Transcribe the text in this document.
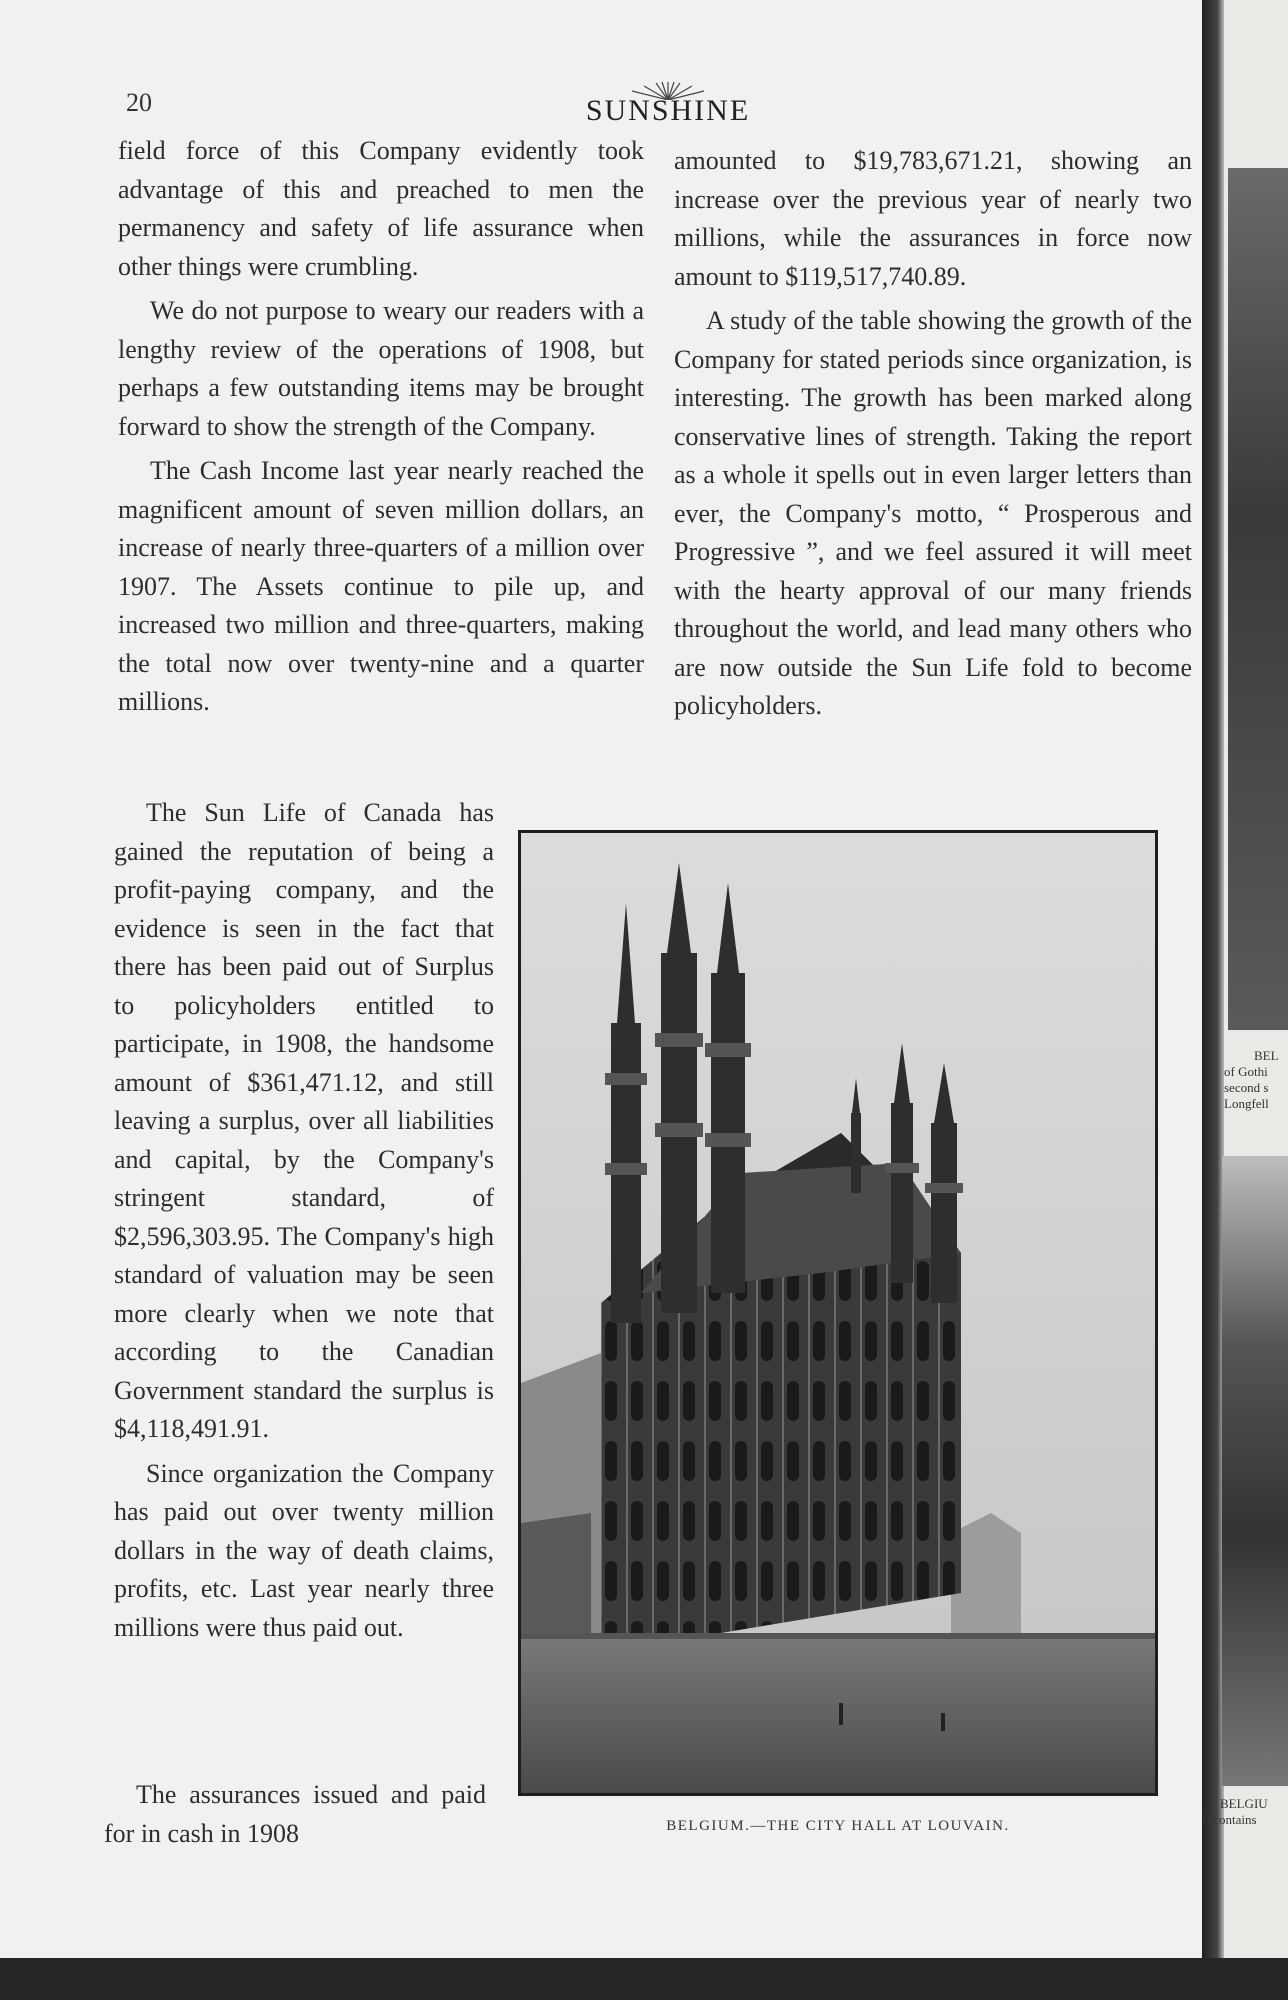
20	SUNSHINE

field force of this Company evidently took advantage of this and preached to men the permanency and safety of life assurance when other things were crumbling.

We do not purpose to weary our readers with a lengthy review of the operations of 1908, but perhaps a few outstanding items may be brought forward to show the strength of the Company.

The Cash Income last year nearly reached the magnificent amount of seven million dollars, an increase of nearly three-quarters of a million over 1907. The Assets continue to pile up, and increased two million and three-quarters, making the total now over twenty-nine and a quarter millions.

The Sun Life of Canada has gained the reputation of being a profit-paying company, and the evidence is seen in the fact that there has been paid out of Surplus to policyholders entitled to participate, in 1908, the handsome amount of $361,471.12, and still leaving a surplus, over all liabilities and capital, by the Company's stringent standard, of $2,596,303.95. The Company's high standard of valuation may be seen more clearly when we note that according to the Canadian Government standard the surplus is $4,118,491.91.

Since organization the Company has paid out over twenty million dollars in the way of death claims, profits, etc. Last year nearly three millions were thus paid out.

The assurances issued and paid for in cash in 1908

amounted to $19,783,671.21, showing an increase over the previous year of nearly two millions, while the assurances in force now amount to $119,517,740.89.

A study of the table showing the growth of the Company for stated periods since organization, is interesting. The growth has been marked along conservative lines of strength. Taking the report as a whole it spells out in even larger letters than ever, the Company's motto, “ Prosperous and Progressive ”, and we feel assured it will meet with the hearty approval of our many friends throughout the world, and lead many others who are now outside the Sun Life fold to become policyholders.

BELGIUM.—THE CITY HALL AT LOUVAIN.
BEL
of Gothi
second s
Longfell
BELGIU
It contains
